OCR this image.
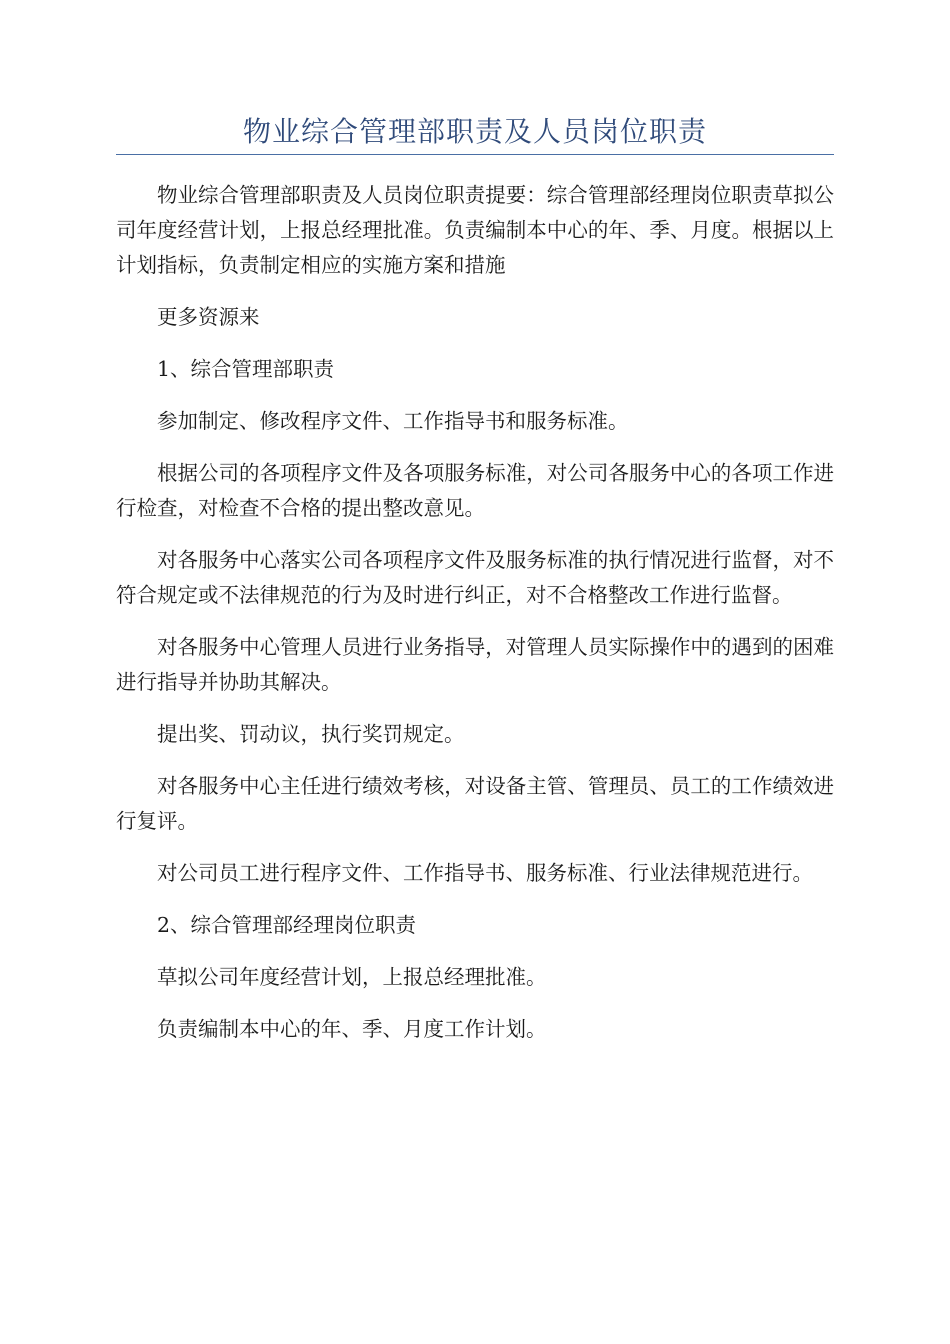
物业综合管理部职责及人员岗位职责

物业综合管理部职责及人员岗位职责提要：综合管理部经理岗位职责草拟公司年度经营计划，上报总经理批准。负责编制本中心的年、季、月度。根据以上计划指标，负责制定相应的实施方案和措施

更多资源来

1、综合管理部职责

参加制定、修改程序文件、工作指导书和服务标准。

根据公司的各项程序文件及各项服务标准，对公司各服务中心的各项工作进行检查，对检查不合格的提出整改意见。

对各服务中心落实公司各项程序文件及服务标准的执行情况进行监督，对不符合规定或不法律规范的行为及时进行纠正，对不合格整改工作进行监督。

对各服务中心管理人员进行业务指导，对管理人员实际操作中的遇到的困难进行指导并协助其解决。

提出奖、罚动议，执行奖罚规定。

对各服务中心主任进行绩效考核，对设备主管、管理员、员工的工作绩效进行复评。

对公司员工进行程序文件、工作指导书、服务标准、行业法律规范进行。

2、综合管理部经理岗位职责

草拟公司年度经营计划，上报总经理批准。

负责编制本中心的年、季、月度工作计划。
